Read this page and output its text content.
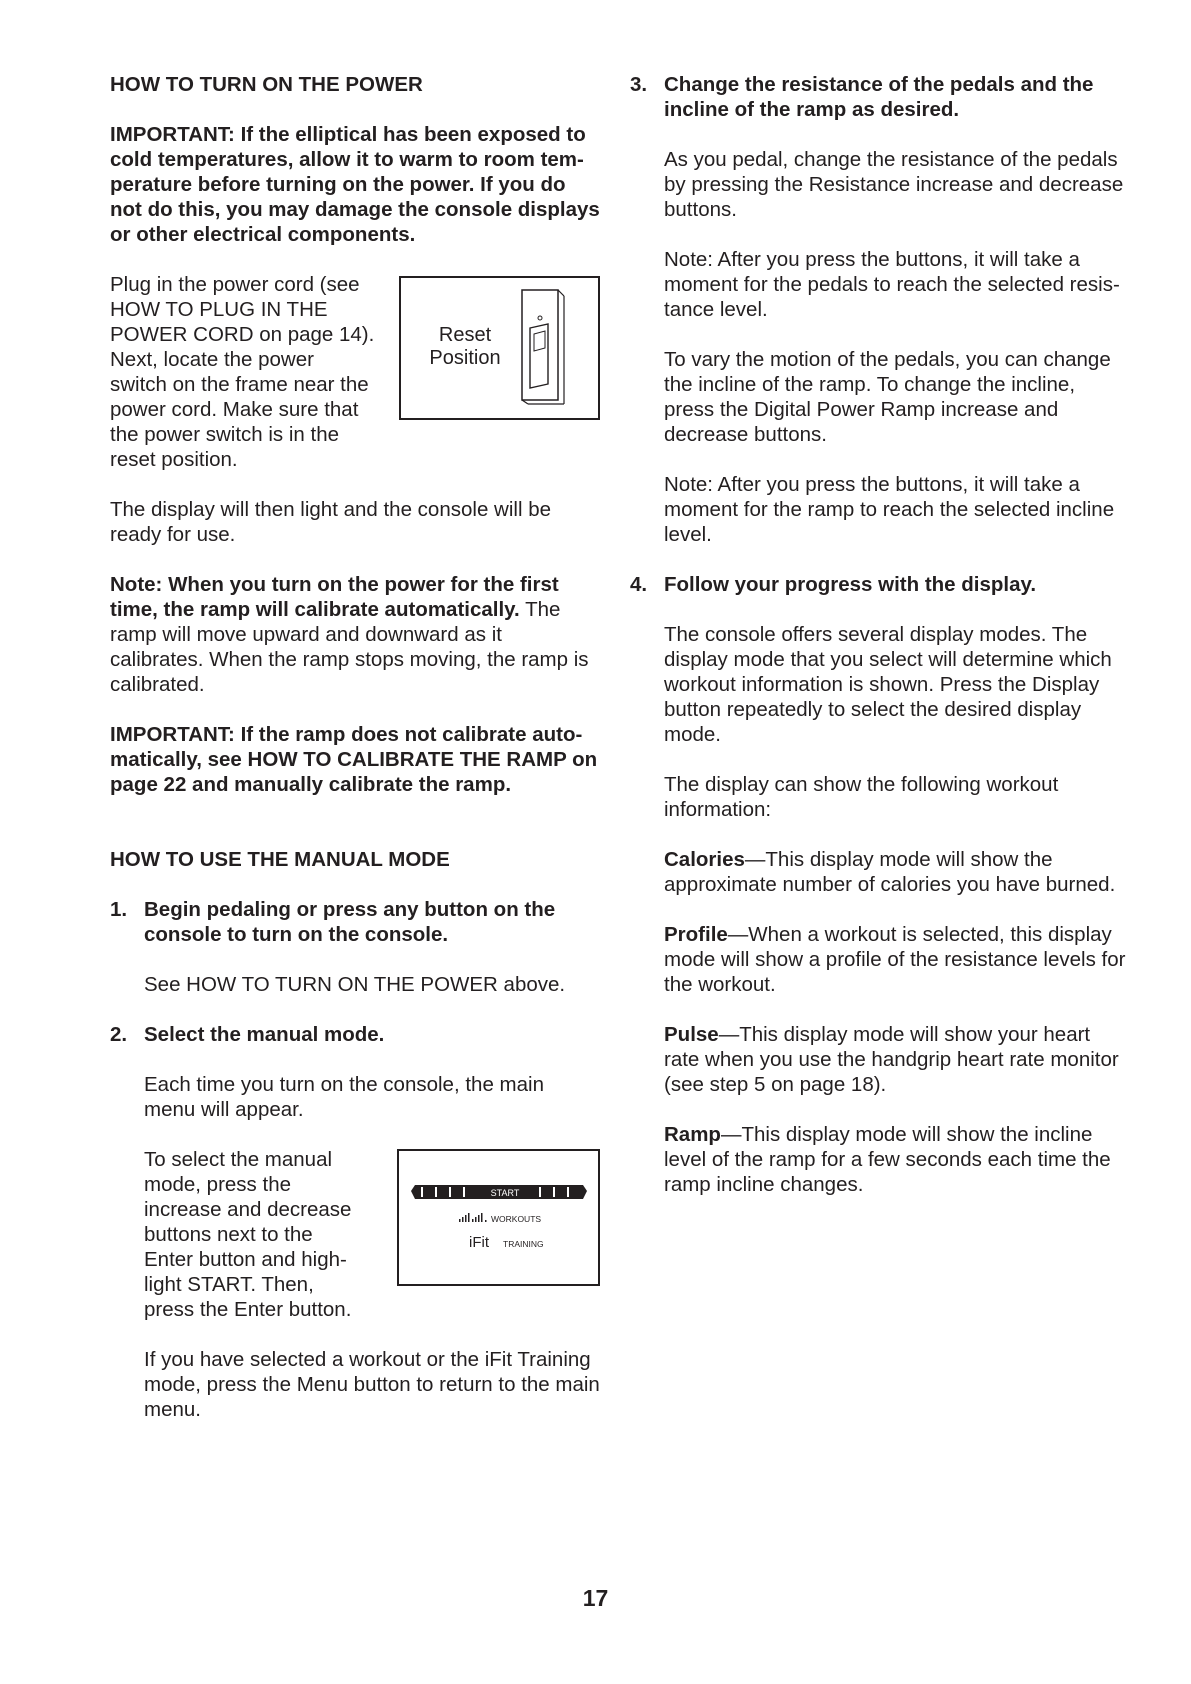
HOW TO TURN ON THE POWER

IMPORTANT: If the elliptical has been exposed to cold temperatures, allow it to warm to room tem-perature before turning on the power. If you do not do this, you may damage the console displays or other electrical components.

Plug in the power cord (see HOW TO PLUG IN THE POWER CORD on page 14). Next, locate the power switch on the frame near the power cord. Make sure that the power switch is in the reset position.
Reset
Position

The display will then light and the console will be ready for use.

Note: When you turn on the power for the first time, the ramp will calibrate automatically. The ramp will move upward and downward as it calibrates. When the ramp stops moving, the ramp is calibrated.

IMPORTANT: If the ramp does not calibrate auto-matically, see HOW TO CALIBRATE THE RAMP on page 22 and manually calibrate the ramp.

HOW TO USE THE MANUAL MODE
1. Begin pedaling or press any button on the console to turn on the console.

See HOW TO TURN ON THE POWER above.

2. Select the manual mode.

Each time you turn on the console, the main menu will appear.

To select the manual mode, press the increase and decrease buttons next to the Enter button and high-light START. Then, press the Enter button.
START
WORKOUTS
iFit TRAINING

If you have selected a workout or the iFit Training mode, press the Menu button to return to the main menu.

3. Change the resistance of the pedals and the incline of the ramp as desired.

As you pedal, change the resistance of the pedals by pressing the Resistance increase and decrease buttons.

Note: After you press the buttons, it will take a moment for the pedals to reach the selected resis-tance level.

To vary the motion of the pedals, you can change the incline of the ramp. To change the incline, press the Digital Power Ramp increase and decrease buttons.

Note: After you press the buttons, it will take a moment for the ramp to reach the selected incline level.

4. Follow your progress with the display.

The console offers several display modes. The display mode that you select will determine which workout information is shown. Press the Display button repeatedly to select the desired display mode.

The display can show the following workout information:

Calories—This display mode will show the approximate number of calories you have burned.

Profile—When a workout is selected, this display mode will show a profile of the resistance levels for the workout.

Pulse—This display mode will show your heart rate when you use the handgrip heart rate monitor (see step 5 on page 18).

Ramp—This display mode will show the incline level of the ramp for a few seconds each time the ramp incline changes.

17
